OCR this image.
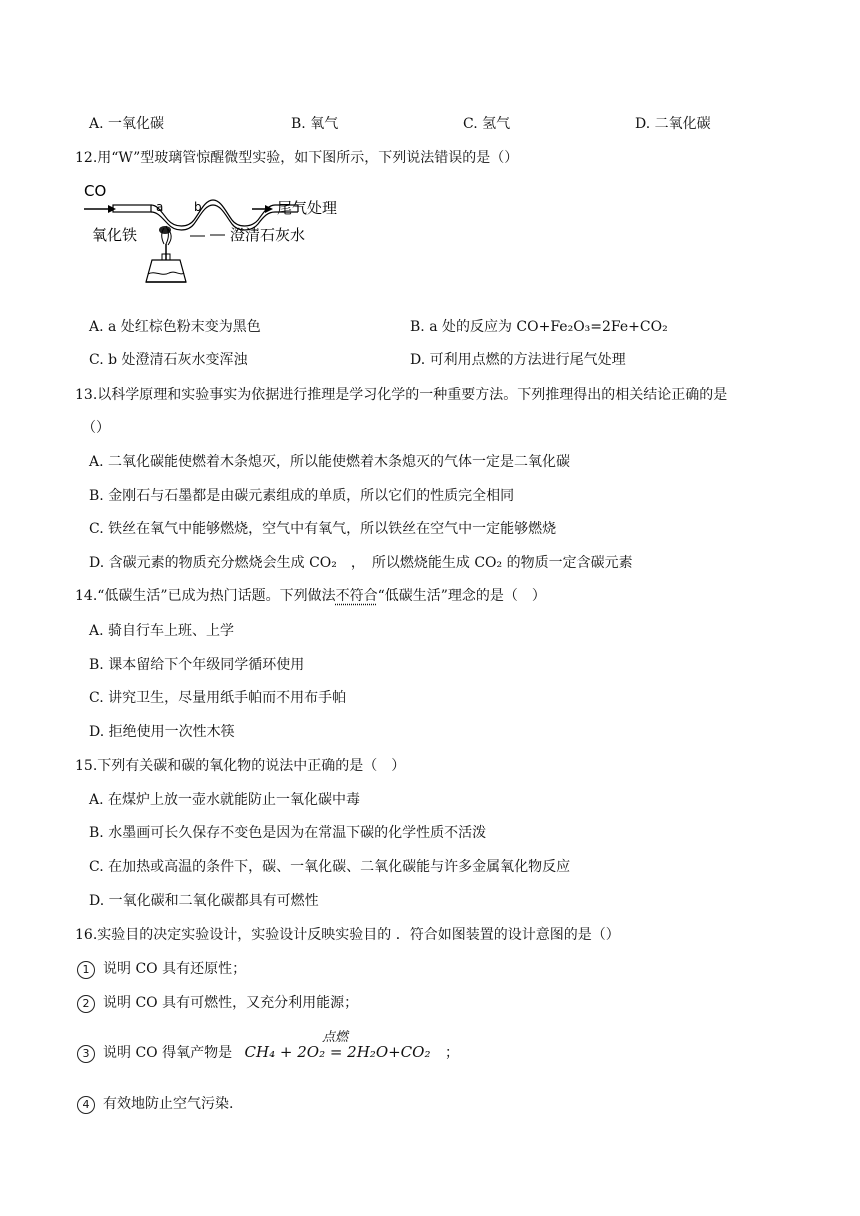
A. 一氧化碳	B. 氧气	C. 氢气	D. 二氧化碳
12.用“W”型玻璃管惊醒微型实验，如下图所示，下列说法错误的是（）
CO
a	b	尾气处理
氧化铁	澄清石灰水
A. a 处红棕色粉末变为黑色	B. a 处的反应为 CO+Fe₂O₃=2Fe+CO₂
C. b 处澄清石灰水变浑浊	D. 可利用点燃的方法进行尾气处理
13.以科学原理和实验事实为依据进行推理是学习化学的一种重要方法。下列推理得出的相关结论正确的是
（）
A. 二氧化碳能使燃着木条熄灭，所以能使燃着木条熄灭的气体一定是二氧化碳
B. 金刚石与石墨都是由碳元素组成的单质，所以它们的性质完全相同
C. 铁丝在氧气中能够燃烧，空气中有氧气，所以铁丝在空气中一定能够燃烧
D. 含碳元素的物质充分燃烧会生成 CO₂　，　所以燃烧能生成 CO₂ 的物质一定含碳元素
14.“低碳生活”已成为热门话题。下列做法不符合“低碳生活”理念的是（　）
A. 骑自行车上班、上学
B. 课本留给下个年级同学循环使用
C. 讲究卫生，尽量用纸手帕而不用布手帕
D. 拒绝使用一次性木筷
15.下列有关碳和碳的氧化物的说法中正确的是（　）
A. 在煤炉上放一壶水就能防止一氧化碳中毒
B. 水墨画可长久保存不变色是因为在常温下碳的化学性质不活泼
C. 在加热或高温的条件下，碳、一氧化碳、二氧化碳能与许多金属氧化物反应
D. 一氧化碳和二氧化碳都具有可燃性
16.实验目的决定实验设计，实验设计反映实验目的 ．符合如图装置的设计意图的是（）
1 说明 CO 具有还原性；
2 说明 CO 具有可燃性，又充分利用能源；
3 说明 CO 得氧产物是 CH₄ + 2O₂ = 2H₂O+CO₂ ；
点燃
4 有效地防止空气污染.
